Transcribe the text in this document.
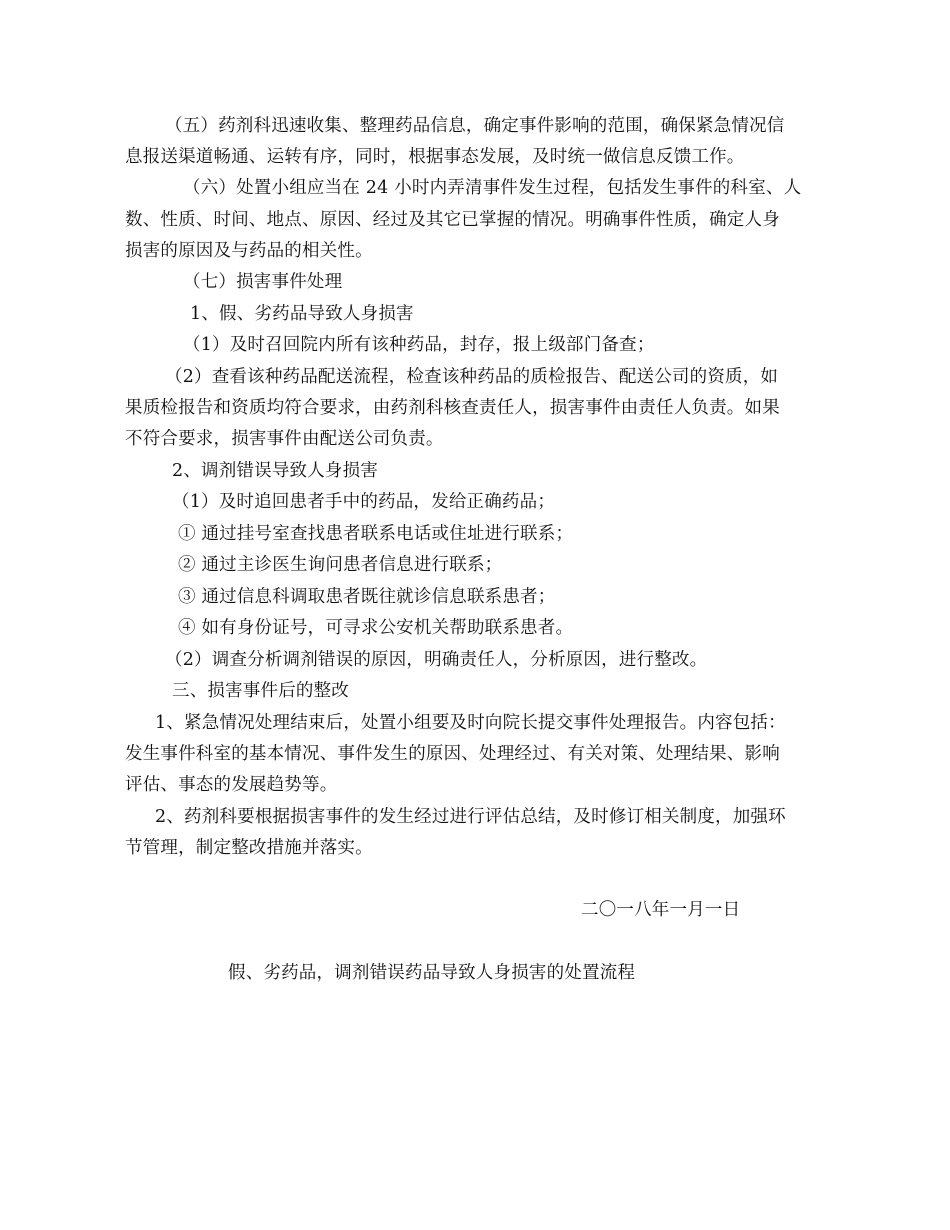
（五）药剂科迅速收集、整理药品信息，确定事件影响的范围，确保紧急情况信
息报送渠道畅通、运转有序，同时，根据事态发展，及时统一做信息反馈工作。
（六）处置小组应当在 24 小时内弄清事件发生过程，包括发生事件的科室、人
数、性质、时间、地点、原因、经过及其它已掌握的情况。明确事件性质，确定人身
损害的原因及与药品的相关性。
（七）损害事件处理
1、假、劣药品导致人身损害
（1）及时召回院内所有该种药品，封存，报上级部门备查；
（2）查看该种药品配送流程，检查该种药品的质检报告、配送公司的资质，如
果质检报告和资质均符合要求，由药剂科核查责任人，损害事件由责任人负责。如果
不符合要求，损害事件由配送公司负责。
2、调剂错误导致人身损害
（1）及时追回患者手中的药品，发给正确药品；
① 通过挂号室查找患者联系电话或住址进行联系；
② 通过主诊医生询问患者信息进行联系；
③ 通过信息科调取患者既往就诊信息联系患者；
④ 如有身份证号，可寻求公安机关帮助联系患者。
（2）调查分析调剂错误的原因，明确责任人，分析原因，进行整改。
三、损害事件后的整改
1、紧急情况处理结束后，处置小组要及时向院长提交事件处理报告。内容包括：
发生事件科室的基本情况、事件发生的原因、处理经过、有关对策、处理结果、影响
评估、事态的发展趋势等。
2、药剂科要根据损害事件的发生经过进行评估总结，及时修订相关制度，加强环
节管理，制定整改措施并落实。
二〇一八年一月一日
假、劣药品，调剂错误药品导致人身损害的处置流程
